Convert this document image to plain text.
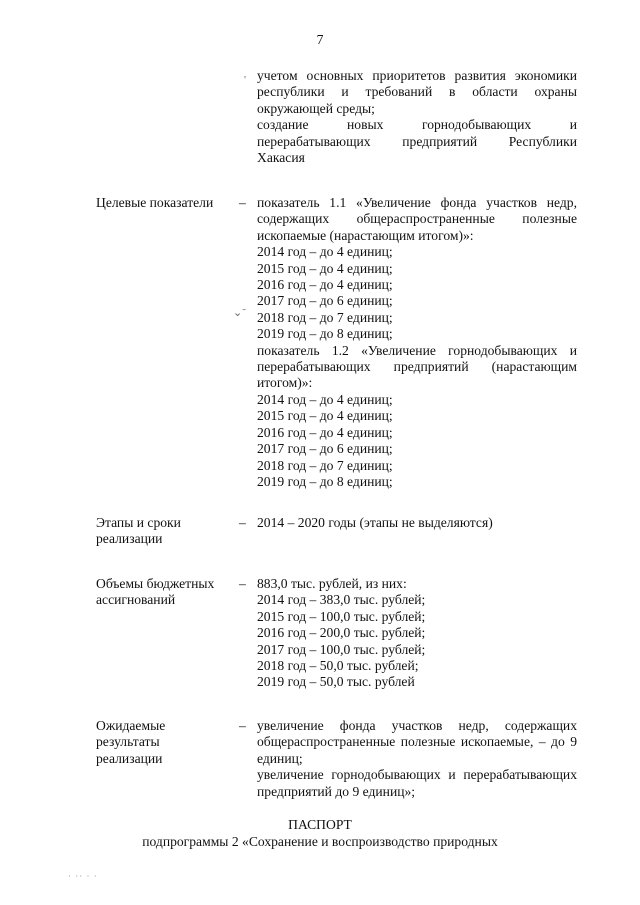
7
учетом основных приоритетов развития экономики
республики и требований в области охраны
окружающей среды;
создание новых горнодобывающих и
перерабатывающих предприятий Республики
Хакасия
Целевые показатели	– показатель 1.1 «Увеличение фонда участков недр,
содержащих общераспространенные полезные
ископаемые (нарастающим итогом)»:
2014 год – до 4 единиц;
2015 год – до 4 единиц;
2016 год – до 4 единиц;
2017 год – до 6 единиц;
2018 год – до 7 единиц;
2019 год – до 8 единиц;
показатель 1.2 «Увеличение горнодобывающих и
перерабатывающих предприятий (нарастающим
итогом)»:
2014 год – до 4 единиц;
2015 год – до 4 единиц;
2016 год – до 4 единиц;
2017 год – до 6 единиц;
2018 год – до 7 единиц;
2019 год – до 8 единиц;
Этапы и сроки
реализации
– 2014 – 2020 годы (этапы не выделяются)
Объемы бюджетных
ассигнований
– 883,0 тыс. рублей, из них:
2014 год – 383,0 тыс. рублей;
2015 год – 100,0 тыс. рублей;
2016 год – 200,0 тыс. рублей;
2017 год – 100,0 тыс. рублей;
2018 год – 50,0 тыс. рублей;
2019 год – 50,0 тыс. рублей
Ожидаемые
результаты
реализации
– увеличение фонда участков недр, содержащих
общераспространенные полезные ископаемые, – до 9
единиц;
увеличение горнодобывающих и перерабатывающих
предприятий до 9 единиц»;
ПАСПОРТ
подпрограммы 2 «Сохранение и воспроизводство природных
'
⌄˜
· ·· · ·
